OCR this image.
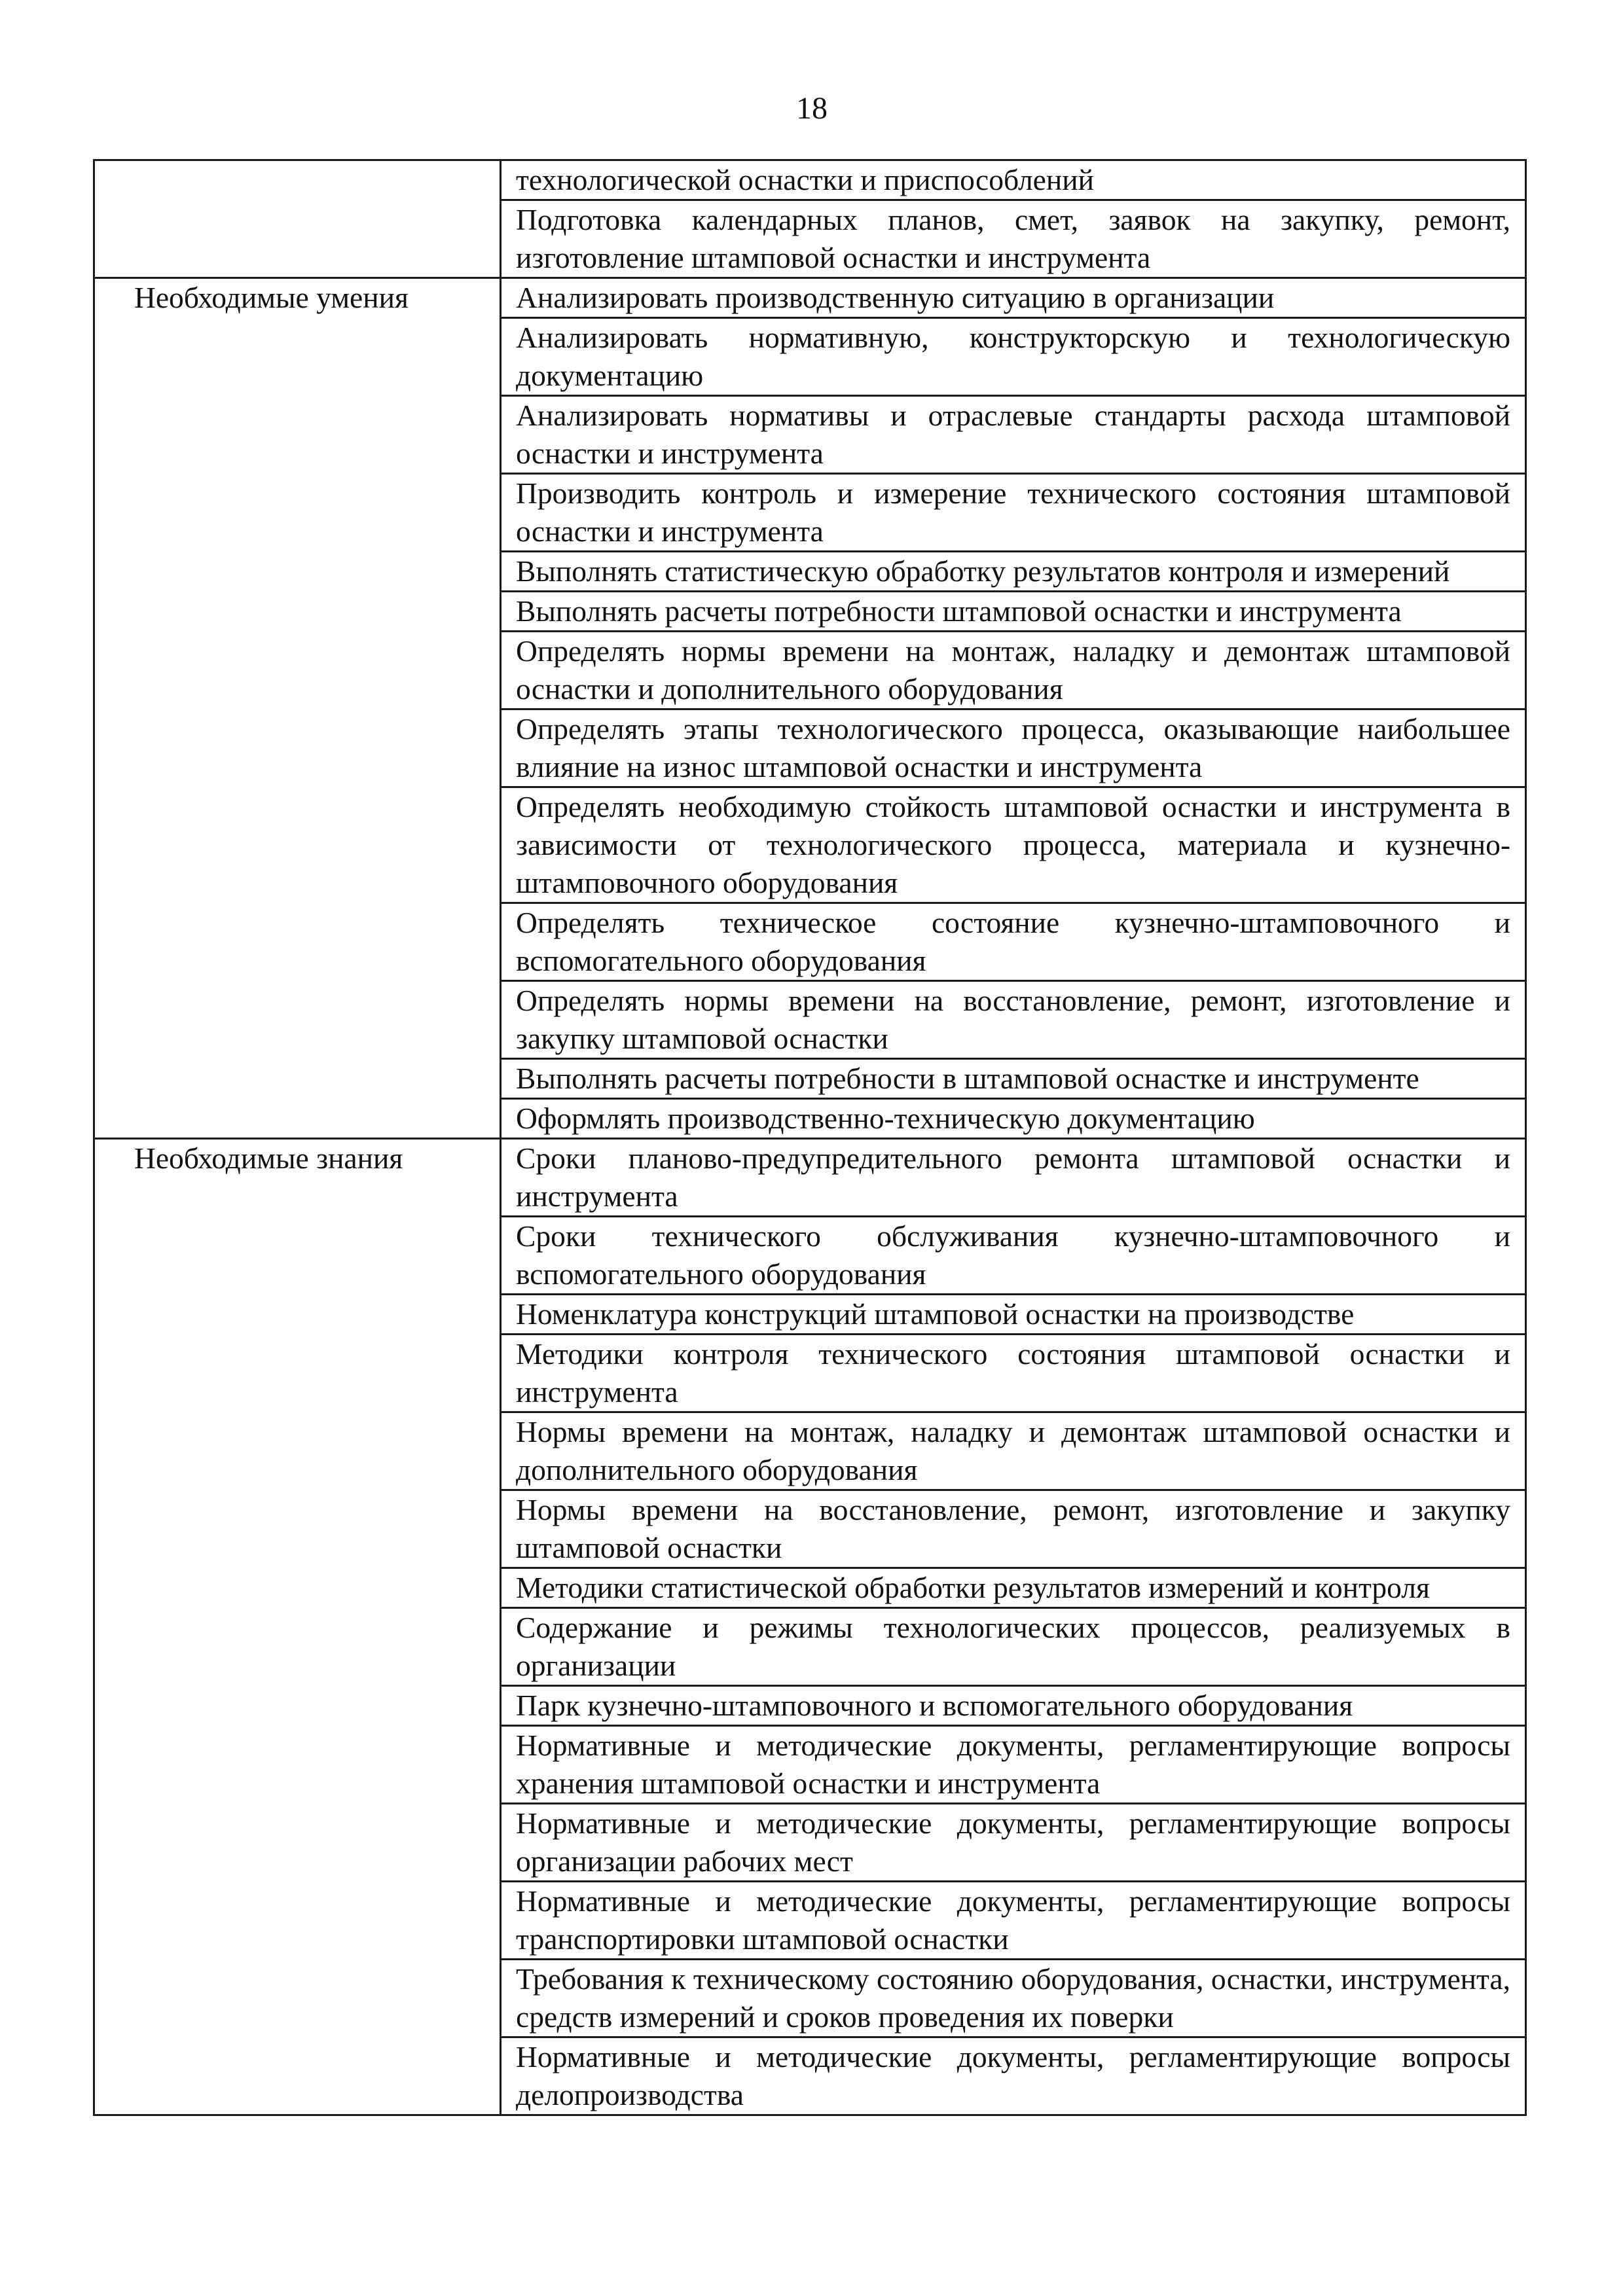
18
	технологической оснастки и приспособлений
	Подготовка календарных планов, смет, заявок на закупку, ремонт, изготовление штамповой оснастки и инструмента
Необходимые умения	Анализировать производственную ситуацию в организации
	Анализировать нормативную, конструкторскую и технологическую документацию
	Анализировать нормативы и отраслевые стандарты расхода штамповой оснастки и инструмента
	Производить контроль и измерение технического состояния штамповой оснастки и инструмента
	Выполнять статистическую обработку результатов контроля и измерений
	Выполнять расчеты потребности штамповой оснастки и инструмента
	Определять нормы времени на монтаж, наладку и демонтаж штамповой оснастки и дополнительного оборудования
	Определять этапы технологического процесса, оказывающие наибольшее влияние на износ штамповой оснастки и инструмента
	Определять необходимую стойкость штамповой оснастки и инструмента в зависимости от технологического процесса, материала и кузнечно-штамповочного оборудования
	Определять техническое состояние кузнечно-штамповочного и вспомогательного оборудования
	Определять нормы времени на восстановление, ремонт, изготовление и закупку штамповой оснастки
	Выполнять расчеты потребности в штамповой оснастке и инструменте
	Оформлять производственно-техническую документацию
Необходимые знания	Сроки планово-предупредительного ремонта штамповой оснастки и инструмента
	Сроки технического обслуживания кузнечно-штамповочного и вспомогательного оборудования
	Номенклатура конструкций штамповой оснастки на производстве
	Методики контроля технического состояния штамповой оснастки и инструмента
	Нормы времени на монтаж, наладку и демонтаж штамповой оснастки и дополнительного оборудования
	Нормы времени на восстановление, ремонт, изготовление и закупку штамповой оснастки
	Методики статистической обработки результатов измерений и контроля
	Содержание и режимы технологических процессов, реализуемых в организации
	Парк кузнечно-штамповочного и вспомогательного оборудования
	Нормативные и методические документы, регламентирующие вопросы хранения штамповой оснастки и инструмента
	Нормативные и методические документы, регламентирующие вопросы организации рабочих мест
	Нормативные и методические документы, регламентирующие вопросы транспортировки штамповой оснастки
	Требования к техническому состоянию оборудования, оснастки, инструмента, средств измерений и сроков проведения их поверки
	Нормативные и методические документы, регламентирующие вопросы делопроизводства
